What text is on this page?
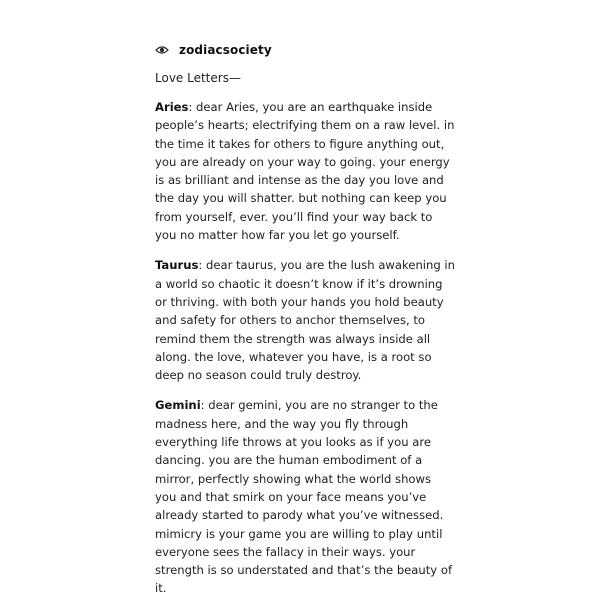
zodiacsociety

Love Letters—

Aries: dear Aries, you are an earthquake inside people’s hearts; electrifying them on a raw level. in the time it takes for others to figure anything out, you are already on your way to going. your energy is as brilliant and intense as the day you love and the day you will shatter. but nothing can keep you from yourself, ever. you’ll find your way back to you no matter how far you let go yourself.

Taurus: dear taurus, you are the lush awakening in a world so chaotic it doesn’t know if it’s drowning or thriving. with both your hands you hold beauty and safety for others to anchor themselves, to remind them the strength was always inside all along. the love, whatever you have, is a root so deep no season could truly destroy.

Gemini: dear gemini, you are no stranger to the madness here, and the way you fly through everything life throws at you looks as if you are dancing. you are the human embodiment of a mirror, perfectly showing what the world shows you and that smirk on your face means you’ve already started to parody what you’ve witnessed. mimicry is your game you are willing to play until everyone sees the fallacy in their ways. your strength is so understated and that’s the beauty of it.
